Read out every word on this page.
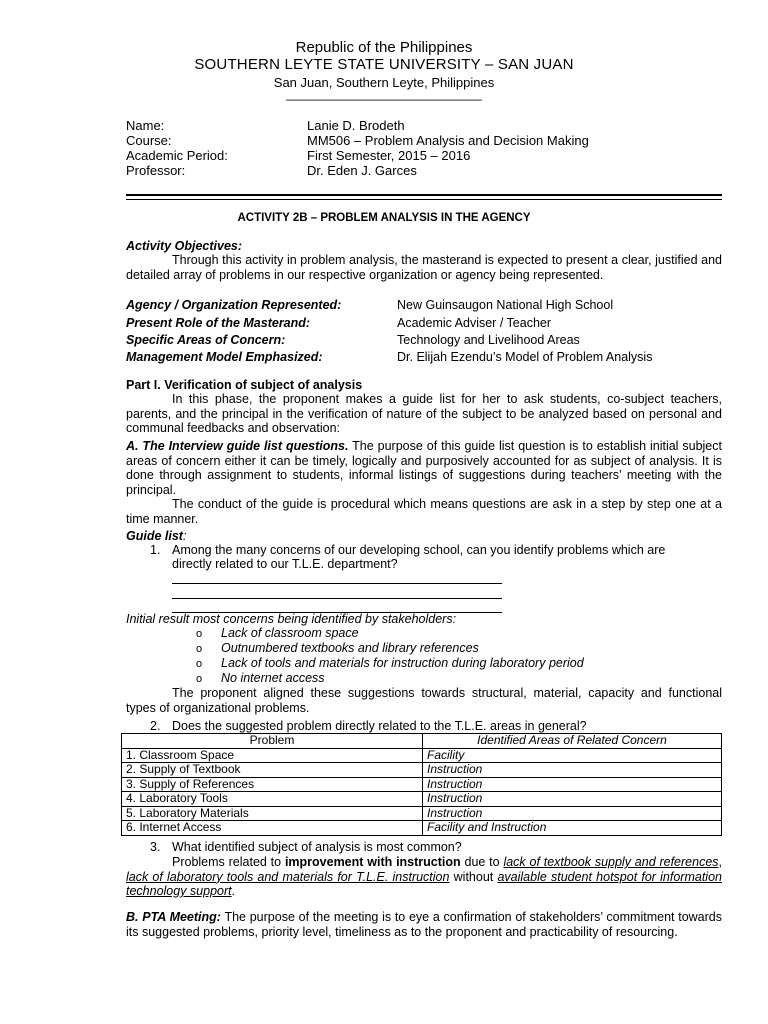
Republic of the Philippines
SOUTHERN LEYTE STATE UNIVERSITY – SAN JUAN
San Juan, Southern Leyte, Philippines
___________________________
Name:	Lanie D. Brodeth
Course:	MM506 – Problem Analysis and Decision Making
Academic Period:	First Semester, 2015 – 2016
Professor:	Dr. Eden J. Garces
ACTIVITY 2B – PROBLEM ANALYSIS IN THE AGENCY
Activity Objectives:
Through this activity in problem analysis, the masterand is expected to present a clear, justified and detailed array of problems in our respective organization or agency being represented.
Agency / Organization Represented:	New Guinsaugon National High School
Present Role of the Masterand:	Academic Adviser / Teacher
Specific Areas of Concern:	Technology and Livelihood Areas
Management Model Emphasized:	Dr. Elijah Ezendu’s Model of Problem Analysis
Part I. Verification of subject of analysis
In this phase, the proponent makes a guide list for her to ask students, co-subject teachers, parents, and the principal in the verification of nature of the subject to be analyzed based on personal and communal feedbacks and observation:
A. The Interview guide list questions. The purpose of this guide list question is to establish initial subject areas of concern either it can be timely, logically and purposively accounted for as subject of analysis. It is done through assignment to students, informal listings of suggestions during teachers’ meeting with the principal.
The conduct of the guide is procedural which means questions are ask in a step by step one at a time manner.
Guide list:
1. Among the many concerns of our developing school, can you identify problems which are
directly related to our T.L.E. department?
Initial result most concerns being identified by stakeholders:
o Lack of classroom space
o Outnumbered textbooks and library references
o Lack of tools and materials for instruction during laboratory period
o No internet access
The proponent aligned these suggestions towards structural, material, capacity and functional types of organizational problems.
2. Does the suggested problem directly related to the T.L.E. areas in general?
Problem	Identified Areas of Related Concern
1. Classroom Space	Facility
2. Supply of Textbook	Instruction
3. Supply of References	Instruction
4. Laboratory Tools	Instruction
5. Laboratory Materials	Instruction
6. Internet Access	Facility and Instruction
3. What identified subject of analysis is most common?
Problems related to improvement with instruction due to lack of textbook supply and references, lack of laboratory tools and materials for T.L.E. instruction without available student hotspot for information technology support.
B. PTA Meeting: The purpose of the meeting is to eye a confirmation of stakeholders’ commitment towards its suggested problems, priority level, timeliness as to the proponent and practicability of resourcing.
